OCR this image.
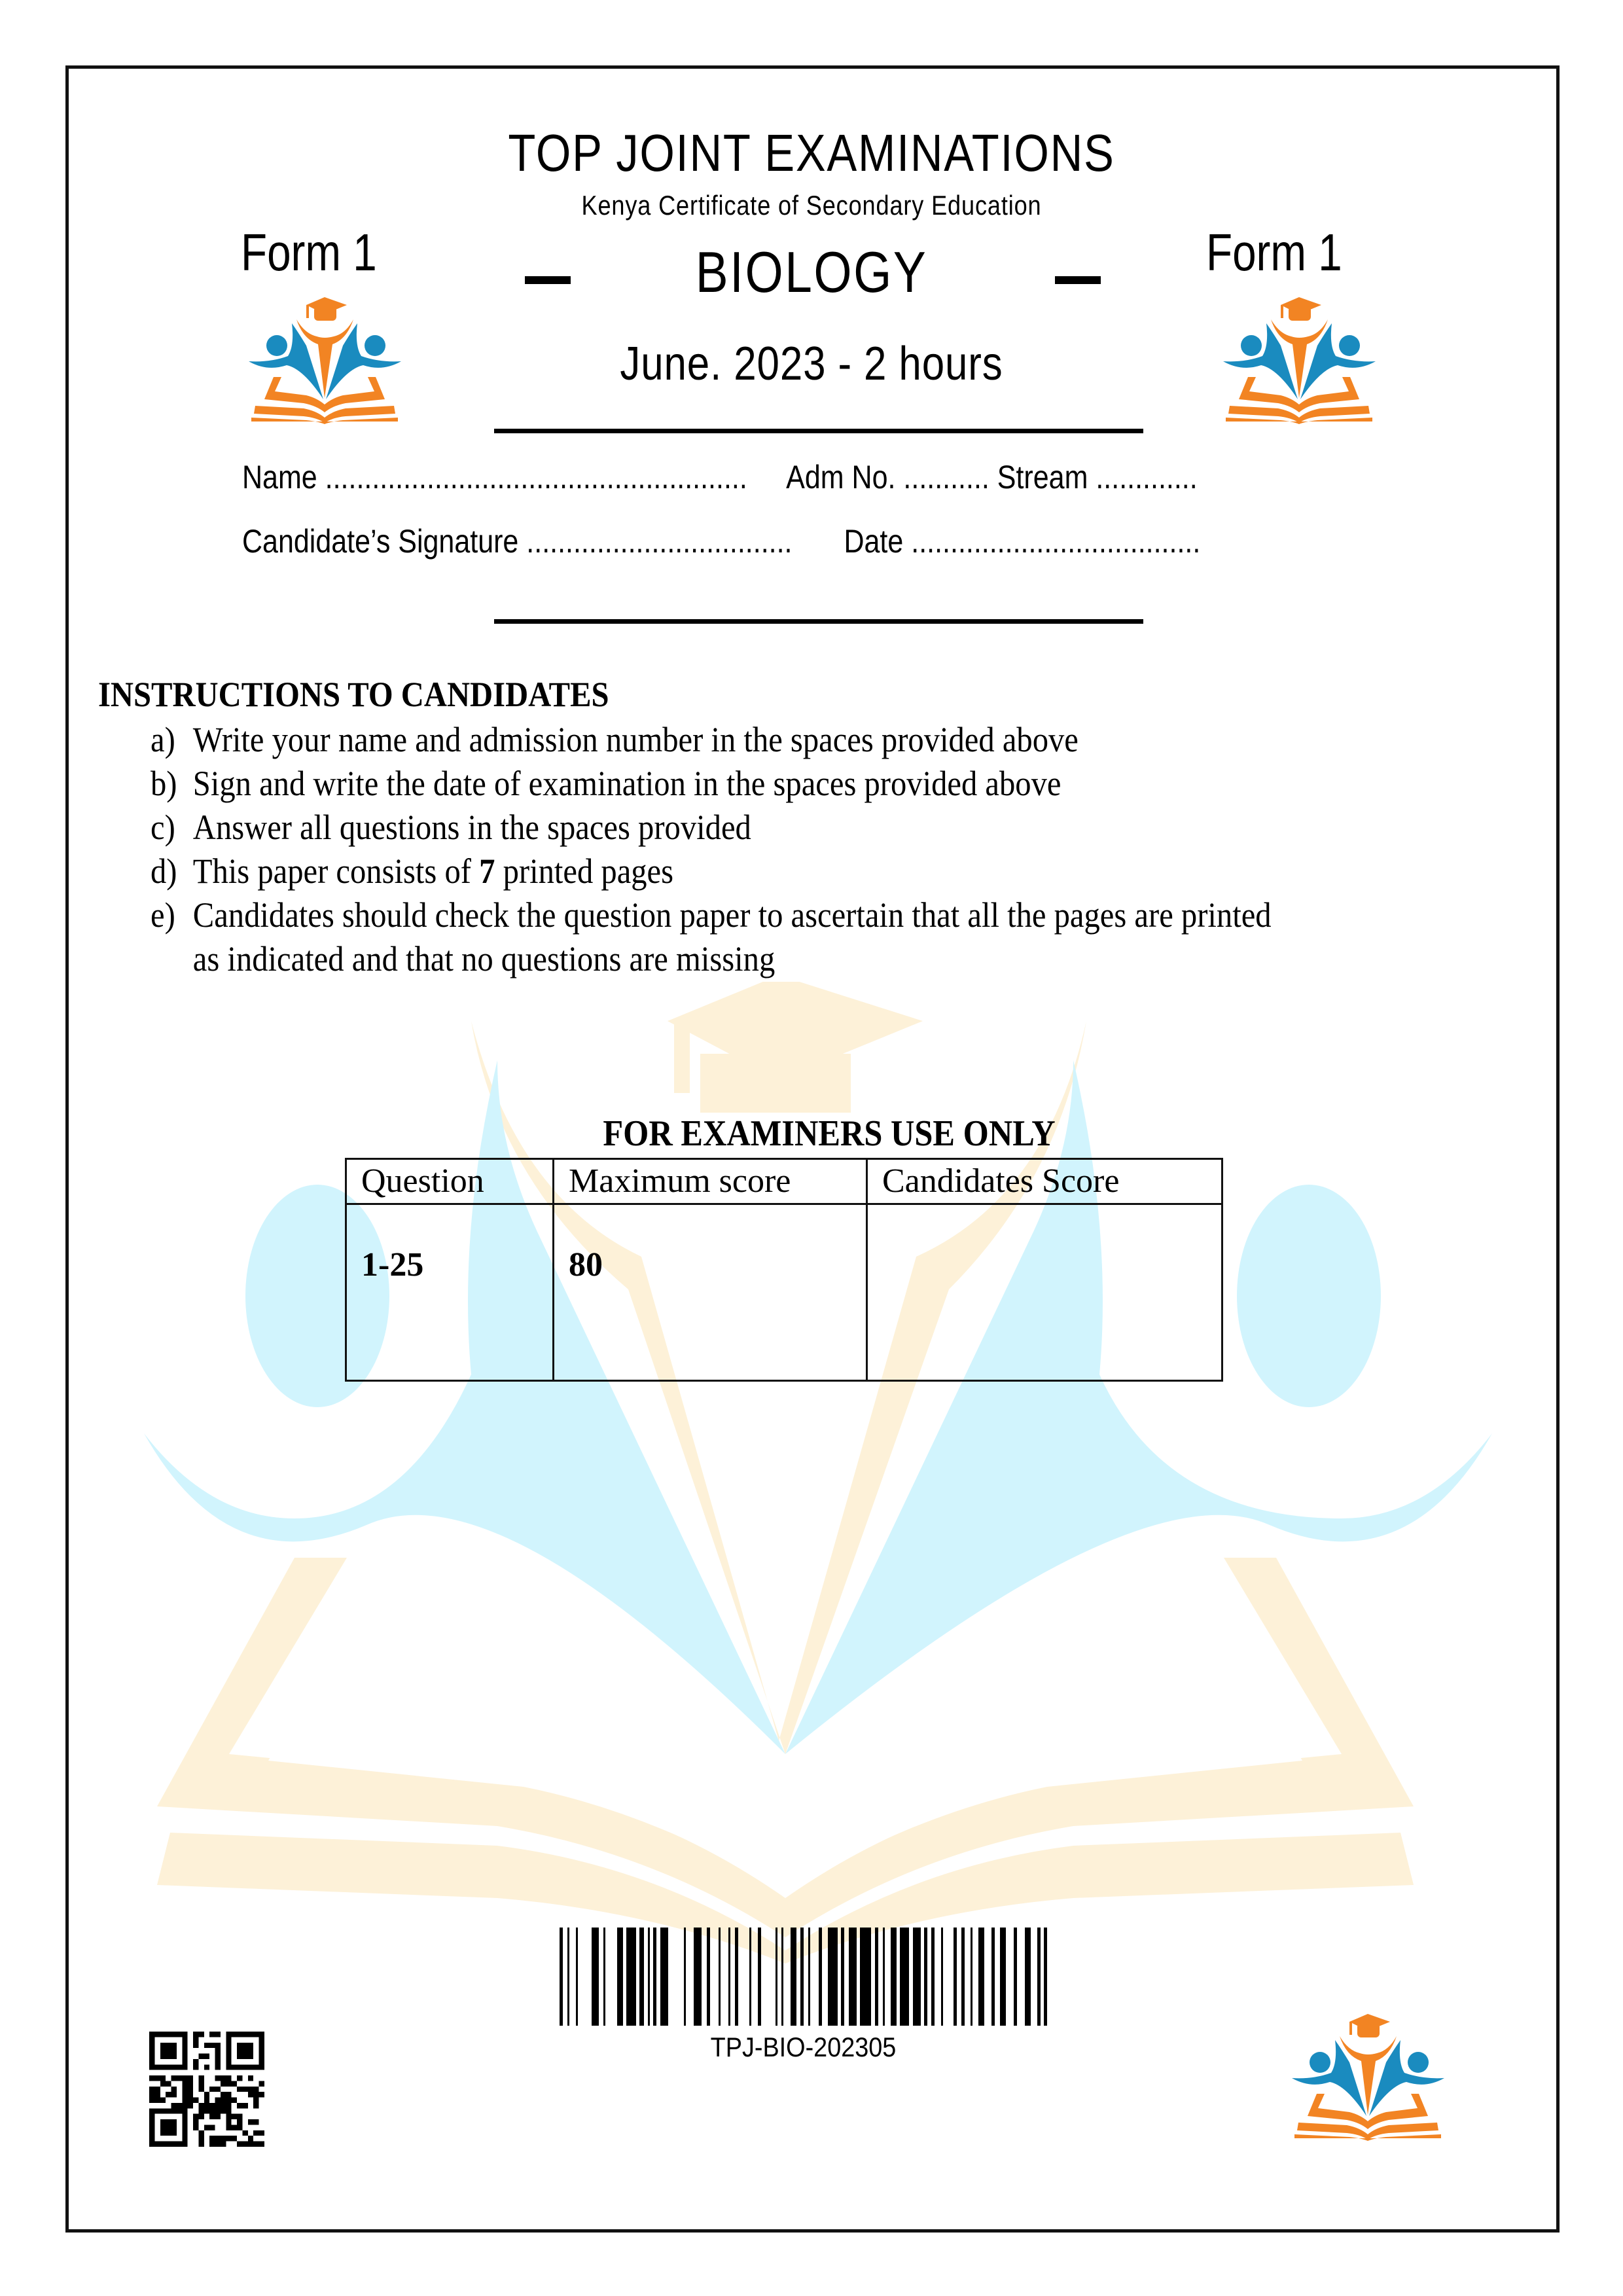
TOP JOINT EXAMINATIONS
Kenya Certificate of Secondary Education
Form 1	Form 1
BIOLOGY
June. 2023 - 2 hours
Name ...................................................... Adm No. ........... Stream .............
Candidate’s Signature .................................. Date .....................................
INSTRUCTIONS TO CANDIDATES
a) Write your name and admission number in the spaces provided above
b) Sign and write the date of examination in the spaces provided above
c) Answer all questions in the spaces provided
d) This paper consists of 7 printed pages
e) Candidates should check the question paper to ascertain that all the pages are printed
as indicated and that no questions are missing
FOR EXAMINERS USE ONLY
Question	Maximum score	Candidates Score
1-25	80	
TPJ-BIO-202305
